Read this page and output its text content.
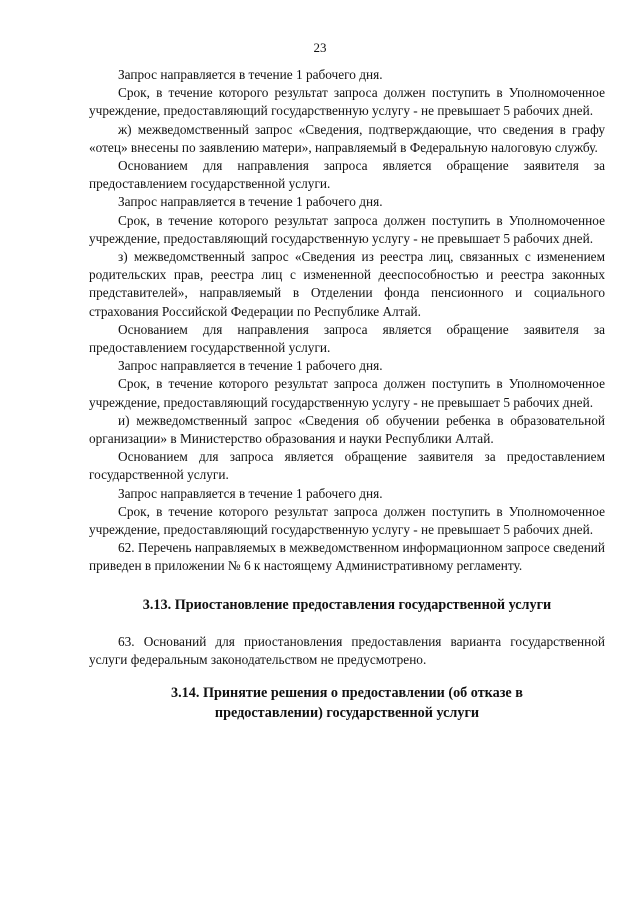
23

Запрос направляется в течение 1 рабочего дня.

Срок, в течение которого результат запроса должен поступить в Уполномоченное учреждение, предоставляющий государственную услугу - не превышает 5 рабочих дней.

ж) межведомственный запрос «Сведения, подтверждающие, что сведения в графу «отец» внесены по заявлению матери», направляемый в Федеральную налоговую службу.

Основанием для направления запроса является обращение заявителя за предоставлением государственной услуги.

Запрос направляется в течение 1 рабочего дня.

Срок, в течение которого результат запроса должен поступить в Уполномоченное учреждение, предоставляющий государственную услугу - не превышает 5 рабочих дней.

з) межведомственный запрос «Сведения из реестра лиц, связанных с изменением родительских прав, реестра лиц с измененной дееспособностью и реестра законных представителей», направляемый в Отделении фонда пенсионного и социального страхования Российской Федерации по Республике Алтай.

Основанием для направления запроса является обращение заявителя за предоставлением государственной услуги.

Запрос направляется в течение 1 рабочего дня.

Срок, в течение которого результат запроса должен поступить в Уполномоченное учреждение, предоставляющий государственную услугу - не превышает 5 рабочих дней.

и) межведомственный запрос «Сведения об обучении ребенка в образовательной организации» в Министерство образования и науки Республики Алтай.

Основанием для запроса является обращение заявителя за предоставлением государственной услуги.

Запрос направляется в течение 1 рабочего дня.

Срок, в течение которого результат запроса должен поступить в Уполномоченное учреждение, предоставляющий государственную услугу - не превышает 5 рабочих дней.

62. Перечень направляемых в межведомственном информационном запросе сведений приведен в приложении № 6 к настоящему Административному регламенту.

3.13. Приостановление предоставления государственной услуги

63. Оснований для приостановления предоставления варианта государственной услуги федеральным законодательством не предусмотрено.

3.14. Принятие решения о предоставлении (об отказе в предоставлении) государственной услуги
